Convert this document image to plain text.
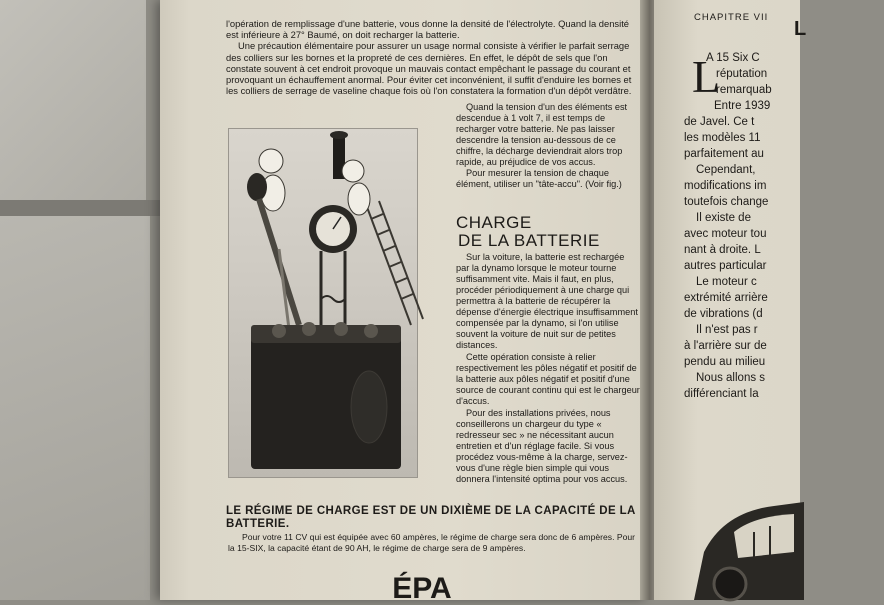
l'opération de remplissage d'une batterie, vous donne la densité de l'électrolyte. Quand la densité est inférieure à 27° Baumé, on doit recharger la batterie.

Une précaution élémentaire pour assurer un usage normal consiste à vérifier le parfait serrage des colliers sur les bornes et la propreté de ces dernières. En effet, le dépôt de sels que l'on constate souvent à cet endroit provoque un mauvais contact empêchant le passage du courant et provoquant un échauffement anormal. Pour éviter cet inconvénient, il suffit d'enduire les bornes et les colliers de serrage de vaseline chaque fois où l'on constatera la formation d'un dépôt verdâtre.

Quand la tension d'un des éléments est descendue à 1 volt 7, il est temps de recharger votre batterie. Ne pas laisser descendre la tension au-dessous de ce chiffre, la décharge deviendrait alors trop rapide, au préjudice de vos accus.

Pour mesurer la tension de chaque élément, utiliser un "tâte-accu". (Voir fig.)

CHARGE
DE LA BATTERIE

Sur la voiture, la batterie est rechargée par la dynamo lorsque le moteur tourne suffisamment vite. Mais il faut, en plus, procéder périodiquement à une charge qui permettra à la batterie de récupérer la dépense d'énergie électrique insuffisamment compensée par la dynamo, si l'on utilise souvent la voiture de nuit sur de petites distances.

Cette opération consiste à relier respectivement les pôles négatif et positif de la batterie aux pôles négatif et positif d'une source de courant continu qui est le chargeur d'accus.

Pour des installations privées, nous conseillerons un chargeur du type « redresseur sec » ne nécessitant aucun entretien et d'un réglage facile. Si vous procédez vous-même à la charge, servez-vous d'une règle bien simple qui vous donnera l'intensité optima pour vos accus.

LE RÉGIME DE CHARGE EST DE UN DIXIÈME DE LA CAPACITÉ DE LA BATTERIE.

Pour votre 11 CV qui est équipée avec 60 ampères, le régime de charge sera donc de 6 ampères. Pour la 15-SIX, la capacité étant de 90 AH, le régime de charge sera de 9 ampères.

ÉPA
CHAPITRE VII
L
L
A 15 Six C
réputation
remarquab
Entre 1939
de Javel. Ce t
les modèles 11
parfaitement au
Cependant,
modifications im
toutefois change
Il existe de
avec moteur tou
nant à droite. L
autres particular
Le moteur c
extrémité arrière
de vibrations (d
Il n'est pas r
à l'arrière sur de
pendu au milieu
Nous allons s
différenciant la
